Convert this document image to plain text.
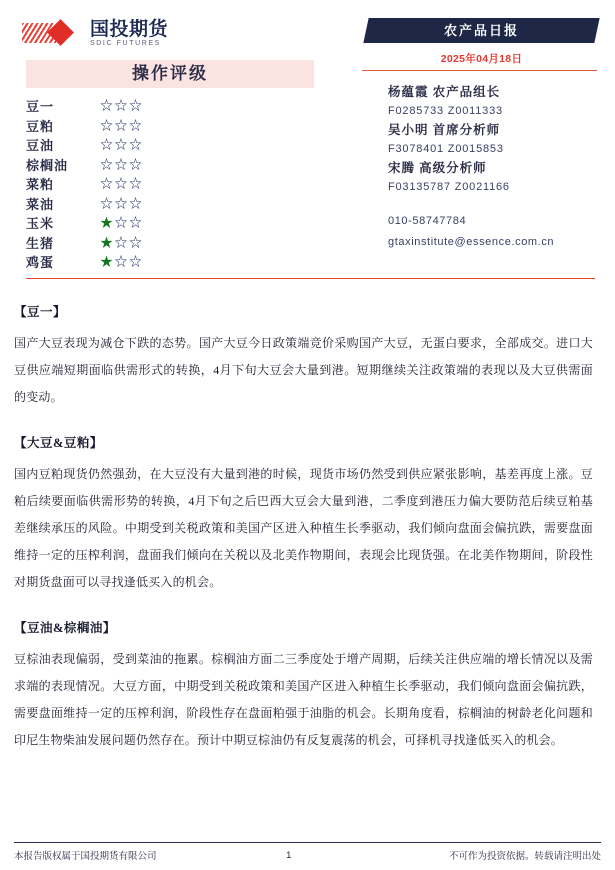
国投期货
SDIC FUTURES
操作评级
豆一	☆☆☆
豆粕	☆☆☆
豆油	☆☆☆
棕榈油	☆☆☆
菜粕	☆☆☆
菜油	☆☆☆
玉米	★☆☆
生猪	★☆☆
鸡蛋	★☆☆
农产品日报
2025年04月18日
杨蕴霞 农产品组长
F0285733 Z0011333
吴小明 首席分析师
F3078401 Z0015853
宋腾 高级分析师
F03135787 Z0021166
010-58747784
gtaxinstitute@essence.com.cn
【豆一】

国产大豆表现为减仓下跌的态势。国产大豆今日政策端竞价采购国产大豆，无蛋白要求，全部成交。进口大豆供应端短期面临供需形式的转换，4月下旬大豆会大量到港。短期继续关注政策端的表现以及大豆供需面的变动。

【大豆&豆粕】

国内豆粕现货仍然强劲，在大豆没有大量到港的时候，现货市场仍然受到供应紧张影响，基差再度上涨。豆粕后续要面临供需形势的转换，4月下旬之后巴西大豆会大量到港，二季度到港压力偏大要防范后续豆粕基差继续承压的风险。中期受到关税政策和美国产区进入种植生长季驱动，我们倾向盘面会偏抗跌，需要盘面维持一定的压榨利润，盘面我们倾向在关税以及北美作物期间，表现会比现货强。在北美作物期间，阶段性对期货盘面可以寻找逢低买入的机会。

【豆油&棕榈油】

豆棕油表现偏弱，受到菜油的拖累。棕榈油方面二三季度处于增产周期，后续关注供应端的增长情况以及需求端的表现情况。大豆方面，中期受到关税政策和美国产区进入种植生长季驱动，我们倾向盘面会偏抗跌，需要盘面维持一定的压榨利润，阶段性存在盘面粕强于油脂的机会。长期角度看，棕榈油的树龄老化问题和印尼生物柴油发展问题仍然存在。预计中期豆棕油仍有反复震荡的机会，可择机寻找逢低买入的机会。

本报告版权属于国投期货有限公司	1	不可作为投资依据。转载请注明出处
